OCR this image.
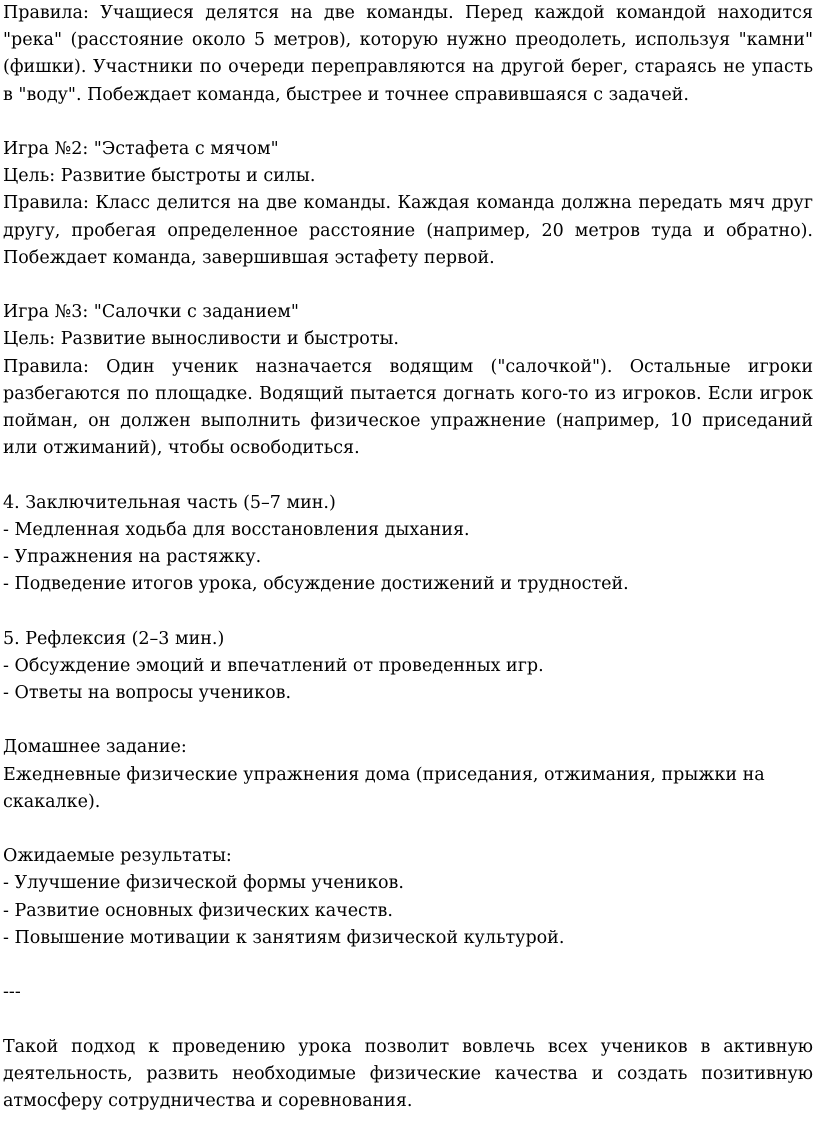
Правила: Учащиеся делятся на две команды. Перед каждой командой находится "река" (расстояние около 5 метров), которую нужно преодолеть, используя "камни" (фишки). Участники по очереди переправляются на другой берег, стараясь не упасть в "воду". Побеждает команда, быстрее и точнее справившаяся с задачей.

Игра №2: "Эстафета с мячом"

Цель: Развитие быстроты и силы.

Правила: Класс делится на две команды. Каждая команда должна передать мяч друг другу, пробегая определенное расстояние (например, 20 метров туда и обратно). Побеждает команда, завершившая эстафету первой.

Игра №3: "Салочки с заданием"

Цель: Развитие выносливости и быстроты.

Правила: Один ученик назначается водящим ("салочкой"). Остальные игроки разбегаются по площадке. Водящий пытается догнать кого-то из игроков. Если игрок пойман, он должен выполнить физическое упражнение (например, 10 приседаний или отжиманий), чтобы освободиться.

4. Заключительная часть (5–7 мин.)

- Медленная ходьба для восстановления дыхания.

- Упражнения на растяжку.

- Подведение итогов урока, обсуждение достижений и трудностей.

5. Рефлексия (2–3 мин.)

- Обсуждение эмоций и впечатлений от проведенных игр.

- Ответы на вопросы учеников.

Домашнее задание:

Ежедневные физические упражнения дома (приседания, отжимания, прыжки на скакалке).

Ожидаемые результаты:

- Улучшение физической формы учеников.

- Развитие основных физических качеств.

- Повышение мотивации к занятиям физической культурой.

---

Такой подход к проведению урока позволит вовлечь всех учеников в активную деятельность, развить необходимые физические качества и создать позитивную атмосферу сотрудничества и соревнования.
